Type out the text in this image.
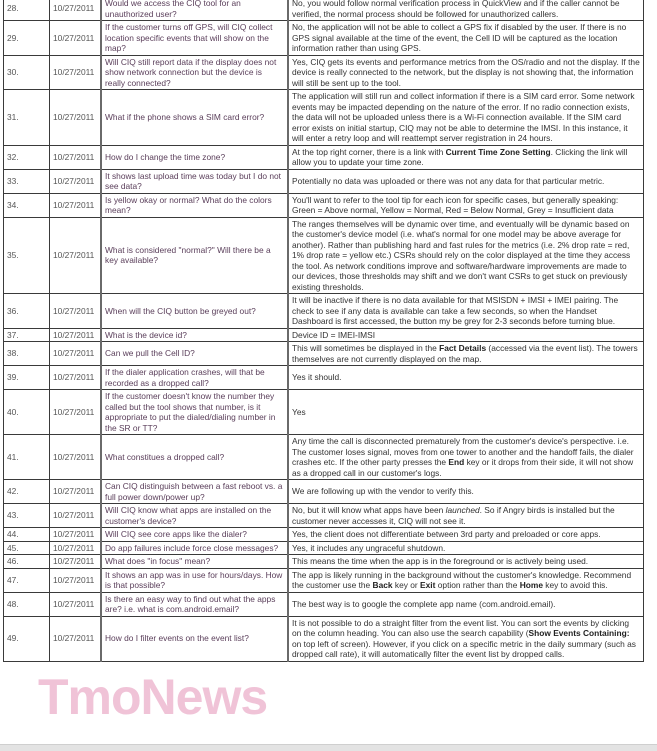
28.	10/27/2011	Would we access the CIQ tool for an unauthorized user?	No, you would follow normal verification process in QuickView and if the caller cannot be verified, the normal process should be followed for unauthorized callers.
29.	10/27/2011	If the customer turns off GPS, will CIQ collect location specific events that will show on the map?	No, the application will not be able to collect a GPS fix if disabled by the user. If there is no GPS signal available at the time of the event, the Cell ID will be captured as the location information rather than using GPS.
30.	10/27/2011	Will CIQ still report data if the display does not show network connection but the device is really connected?	Yes, CIQ gets its events and performance metrics from the OS/radio and not the display. If the device is really connected to the network, but the display is not showing that, the information will still be sent up to the tool.
31.	10/27/2011	What if the phone shows a SIM card error?	The application will still run and collect information if there is a SIM card error. Some network events may be impacted depending on the nature of the error. If no radio connection exists, the data will not be uploaded unless there is a Wi-Fi connection available. If the SIM card error exists on initial startup, CIQ may not be able to determine the IMSI. In this instance, it will enter a retry loop and will reattempt server registration in 24 hours.
32.	10/27/2011	How do I change the time zone?	At the top right corner, there is a link with Current Time Zone Setting. Clicking the link will allow you to update your time zone.
33.	10/27/2011	It shows last upload time was today but I do not see data?	Potentially no data was uploaded or there was not any data for that particular metric.
34.	10/27/2011	Is yellow okay or normal? What do the colors mean?	You'll want to refer to the tool tip for each icon for specific cases, but generally speaking: Green = Above normal, Yellow = Normal, Red = Below Normal, Grey = Insufficient data
35.	10/27/2011	What is considered "normal?" Will there be a key available?	The ranges themselves will be dynamic over time, and eventually will be dynamic based on the customer's device model (i.e. what's normal for one model may be above average for another). Rather than publishing hard and fast rules for the metrics (i.e. 2% drop rate = red, 1% drop rate = yellow etc.) CSRs should rely on the color displayed at the time they access the tool. As network conditions improve and software/hardware improvements are made to our devices, those thresholds may shift and we don't want CSRs to get stuck on previously existing thresholds.
36.	10/27/2011	When will the CIQ button be greyed out?	It will be inactive if there is no data available for that MSISDN + IMSI + IMEI pairing. The check to see if any data is available can take a few seconds, so when the Handset Dashboard is first accessed, the button my be grey for 2-3 seconds before turning blue.
37.	10/27/2011	What is the device id?	Device ID = IMEI-IMSI
38.	10/27/2011	Can we pull the Cell ID?	This will sometimes be displayed in the Fact Details (accessed via the event list). The towers themselves are not currently displayed on the map.
39.	10/27/2011	If the dialer application crashes, will that be recorded as a dropped call?	Yes it should.
40.	10/27/2011	If the customer doesn't know the number they called but the tool shows that number, is it appropriate to put the dialed/dialing number in the SR or TT?	Yes
41.	10/27/2011	What constitues a dropped call?	Any time the call is disconnected prematurely from the customer's device's perspective. i.e. The customer loses signal, moves from one tower to another and the handoff fails, the dialer crashes etc. If the other party presses the End key or it drops from their side, it will not show as a dropped call in our customer's logs.
42.	10/27/2011	Can CIQ distinguish between a fast reboot vs. a full power down/power up?	We are following up with the vendor to verify this.
43.	10/27/2011	Will CIQ know what apps are installed on the customer's device?	No, but it will know what apps have been launched. So if Angry birds is installed but the customer never accesses it, CIQ will not see it.
44.	10/27/2011	Will CIQ see core apps like the dialer?	Yes, the client does not differentiate between 3rd party and preloaded or core apps.
45.	10/27/2011	Do app failures include force close messages?	Yes, it includes any ungraceful shutdown.
46.	10/27/2011	What does "in focus" mean?	This means the time when the app is in the foreground or is actively being used.
47.	10/27/2011	It shows an app was in use for hours/days. How is that possible?	The app is likely running in the background without the customer's knowledge. Recommend the customer use the Back key or Exit option rather than the Home key to avoid this.
48.	10/27/2011	Is there an easy way to find out what the apps are? i.e. what is com.android.email?	The best way is to google the complete app name (com.android.email).
49.	10/27/2011	How do I filter events on the event list?	It is not possible to do a straight filter from the event list. You can sort the events by clicking on the column heading. You can also use the search capability (Show Events Containing: on top left of screen). However, if you click on a specific metric in the daily summary (such as dropped call rate), it will automatically filter the event list by dropped calls.
TmoNews
